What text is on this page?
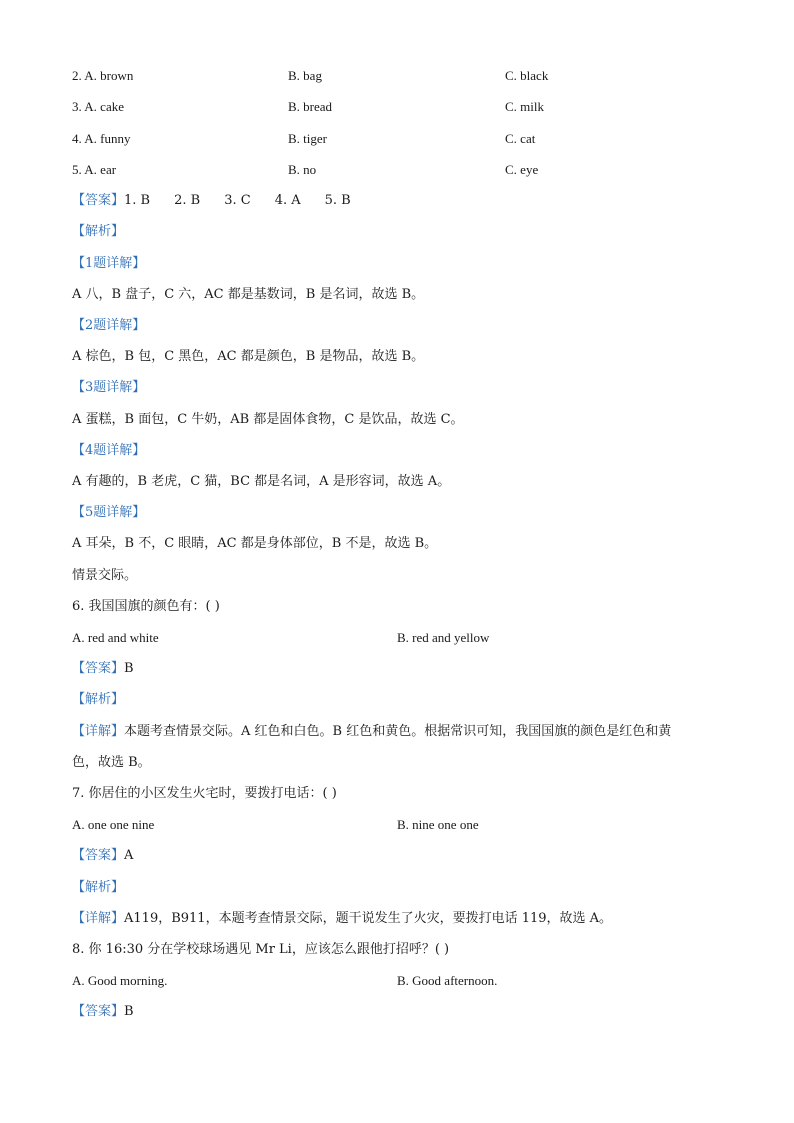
2. A. brown	B. bag	C. black
3. A. cake	B. bread	C. milk
4. A. funny	B. tiger	C. cat
5. A. ear	B. no	C. eye
【答案】1. B 2. B 3. C 4. A 5. B
【解析】
【1题详解】
A 八，B 盘子，C 六，AC 都是基数词，B 是名词，故选 B。
【2题详解】
A 棕色，B 包，C 黑色，AC 都是颜色，B 是物品，故选 B。
【3题详解】
A 蛋糕，B 面包，C 牛奶，AB 都是固体食物，C 是饮品，故选 C。
【4题详解】
A 有趣的，B 老虎，C 猫，BC 都是名词，A 是形容词，故选 A。
【5题详解】
A 耳朵，B 不，C 眼睛，AC 都是身体部位，B 不是，故选 B。
情景交际。
6. 我国国旗的颜色有：( )
A. red and white	B. red and yellow
【答案】B
【解析】
【详解】本题考查情景交际。A 红色和白色。B 红色和黄色。根据常识可知，我国国旗的颜色是红色和黄
色，故选 B。
7. 你居住的小区发生火宅时，要拨打电话：( )
A. one one nine	B. nine one one
【答案】A
【解析】
【详解】A119，B911，本题考查情景交际，题干说发生了火灾，要拨打电话 119，故选 A。
8. 你 16:30 分在学校球场遇见 Mr Li，应该怎么跟他打招呼？( )
A. Good morning.	B. Good afternoon.
【答案】B
